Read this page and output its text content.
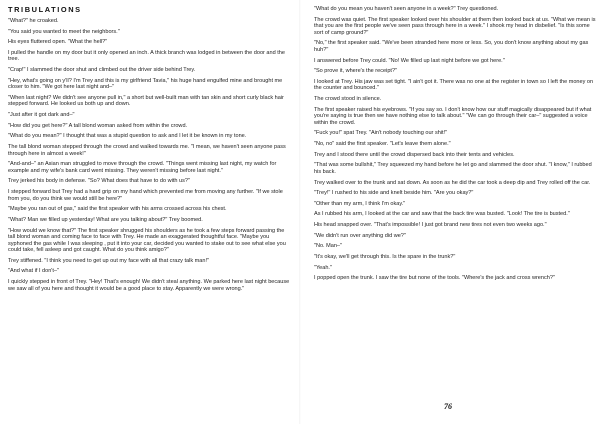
TRIBULATIONS

"What?" he croaked.

"You said you wanted to meet the neighbors."

His eyes fluttered open. "What the hell?"

I pulled the handle on my door but it only opened an inch. A thick branch was lodged in between the door and the tree.

"Crap!" I slammed the door shut and climbed out the driver side behind Trey.

"Hey, what's going on y'll? I'm Trey and this is my girlfriend Tavia," his huge hand engulfed mine and brought me closer to him. "We got here last night and–"

"When last night? We didn't see anyone pull in," a short but well-built man with tan skin and short curly black hair stepped forward. He looked us both up and down.

"Just after it got dark and–"

"How did you get here?" A tall blond woman asked from within the crowd.

"What do you mean?" I thought that was a stupid question to ask and I let it be known in my tone.

The tall blond woman stepped through the crowd and walked towards me. "I mean, we haven't seen anyone pass through here in almost a week!"

"And-and–" an Asian man struggled to move through the crowd. "Things went missing last night, my watch for example and my wife's bank card went missing. They weren't missing before last night."

Trey jerked his body in defense. "So? What does that have to do with us?"

I stepped forward but Trey had a hard grip on my hand which prevented me from moving any further. "If we stole from you, do you think we would still be here?"

"Maybe you ran out of gas," said the first speaker with his arms crossed across his chest.

"What? Man we filled up yesterday! What are you talking about?" Trey boomed.

"How would we know that?" The first speaker shrugged his shoulders as he took a few steps forward passing the tall blond woman and coming face to face with Trey. He made an exaggerated thoughtful face. "Maybe you syphoned the gas while I was sleeping , put it into your car, decided you wanted to stake out to see what else you could take, fell asleep and got caught. What do you think amigo?"

Trey stiffened. "I think you need to get up out my face with all that crazy talk man!"

"And what if I don't–"

I quickly stepped in front of Trey. "Hey! That's enough! We didn't steal anything. We parked here last night because we saw all of you here and thought it would be a good place to stay. Apparently we were wrong."

"What do you mean you haven't seen anyone in a week?" Trey questioned.

The crowd was quiet. The first speaker looked over his shoulder at them then looked back at us. "What we mean is that you are the first people we've seen pass through here in a week." I shook my head in disbelief. "Is this some sort of camp ground?"

"No," the first speaker said. "We've been stranded here more or less. So, you don't know anything about my gas huh?"

I answered before Trey could. "No! We filled up last night before we got here."

"So prove it, where's the receipt?"

I looked at Trey. His jaw was set tight. "I ain't got it. There was no one at the register in town so I left the money on the counter and bounced."

The crowd stood in silence.

The first speaker raised his eyebrows. "If you say so. I don't know how our stuff magically disappeared but if what you're saying is true then we have nothing else to talk about." "We can go through their car–" suggested a voice within the crowd.

"Fuck you!" spat Trey. "Ain't nobody touching our shit!"

"No, no" said the first speaker. "Let's leave them alone."

Trey and I stood there until the crowd dispersed back into their tents and vehicles.

"That was some bullshit," Trey squeezed my hand before he let go and slammed the door shut. "I know," I rubbed his back.

Trey walked over to the trunk and sat down. As soon as he did the car took a deep dip and Trey rolled off the car.

"Trey!" I rushed to his side and knelt beside him. "Are you okay?"

"Other than my arm, I think I'm okay."

As I rubbed his arm, I looked at the car and saw that the back tire was busted. "Look! The tire is busted."

His head snapped over. "That's impossible! I just got brand new tires not even two weeks ago."

"We didn't run over anything did we?"

"No. Man–"

"It's okay, we'll get through this. Is the spare in the trunk?"

"Yeah."

I popped open the trunk. I saw the tire but none of the tools. "Where's the jack and cross wrench?"

76
